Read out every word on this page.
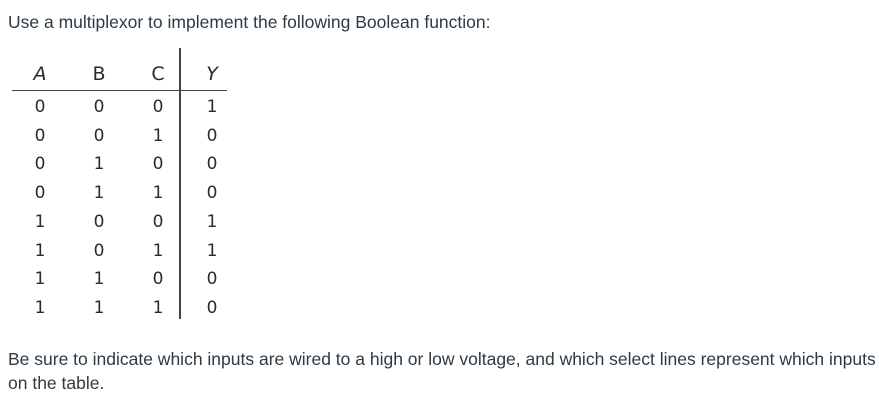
Use a multiplexor to implement the following Boolean function:
A	B	C	Y
0	0	0	1
0	0	1	0
0	1	0	0
0	1	1	0
1	0	0	1
1	0	1	1
1	1	0	0
1	1	1	0
Be sure to indicate which inputs are wired to a high or low voltage, and which select lines represent which inputs on the table.
